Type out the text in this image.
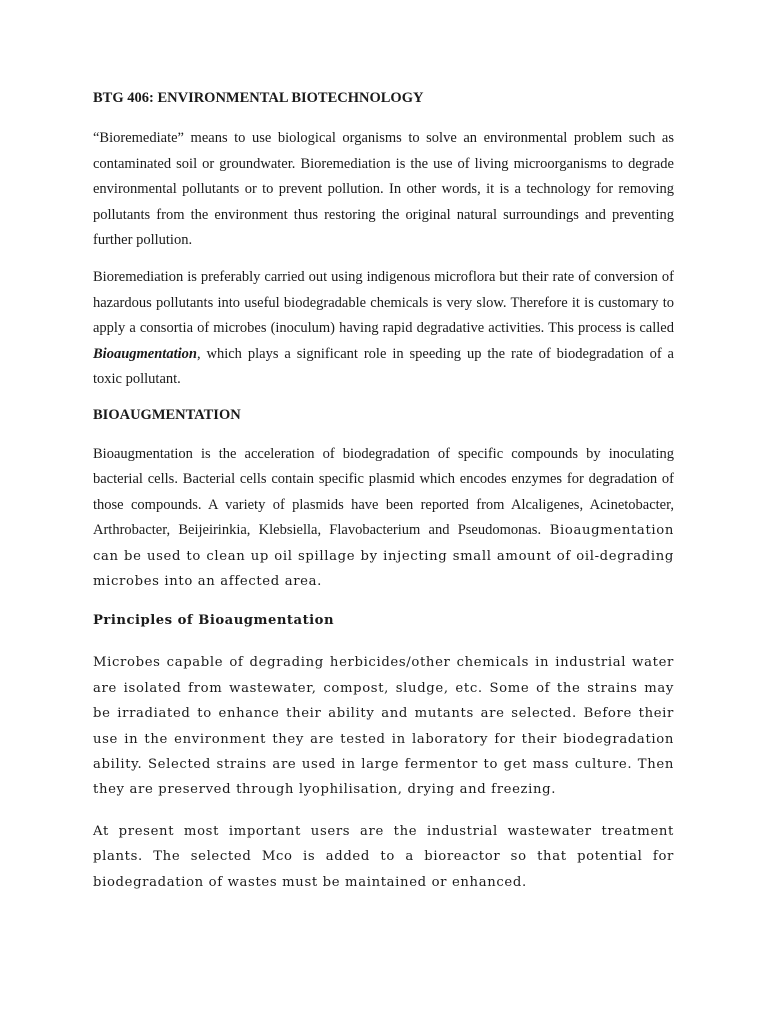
BTG 406: ENVIRONMENTAL BIOTECHNOLOGY

“Bioremediate” means to use biological organisms to solve an environmental problem such as contaminated soil or groundwater. Bioremediation is the use of living microorganisms to degrade environmental pollutants or to prevent pollution. In other words, it is a technology for removing pollutants from the environment thus restoring the original natural surroundings and preventing further pollution.

Bioremediation is preferably carried out using indigenous microflora but their rate of conversion of hazardous pollutants into useful biodegradable chemicals is very slow. Therefore it is customary to apply a consortia of microbes (inoculum) having rapid degradative activities. This process is called Bioaugmentation, which plays a significant role in speeding up the rate of biodegradation of a toxic pollutant.

BIOAUGMENTATION

Bioaugmentation is the acceleration of biodegradation of specific compounds by inoculating bacterial cells. Bacterial cells contain specific plasmid which encodes enzymes for degradation of those compounds. A variety of plasmids have been reported from Alcaligenes, Acinetobacter, Arthrobacter, Beijeirinkia, Klebsiella, Flavobacterium and Pseudomonas. Bioaugmentation can be used to clean up oil spillage by injecting small amount of oil-degrading microbes into an affected area.

Principles of Bioaugmentation

Microbes capable of degrading herbicides/other chemicals in industrial water are isolated from wastewater, compost, sludge, etc. Some of the strains may be irradiated to enhance their ability and mutants are selected. Before their use in the environment they are tested in laboratory for their biodegradation ability. Selected strains are used in large fermentor to get mass culture. Then they are preserved through lyophilisation, drying and freezing.

At present most important users are the industrial wastewater treatment plants. The selected Mco is added to a bioreactor so that potential for biodegradation of wastes must be maintained or enhanced.
